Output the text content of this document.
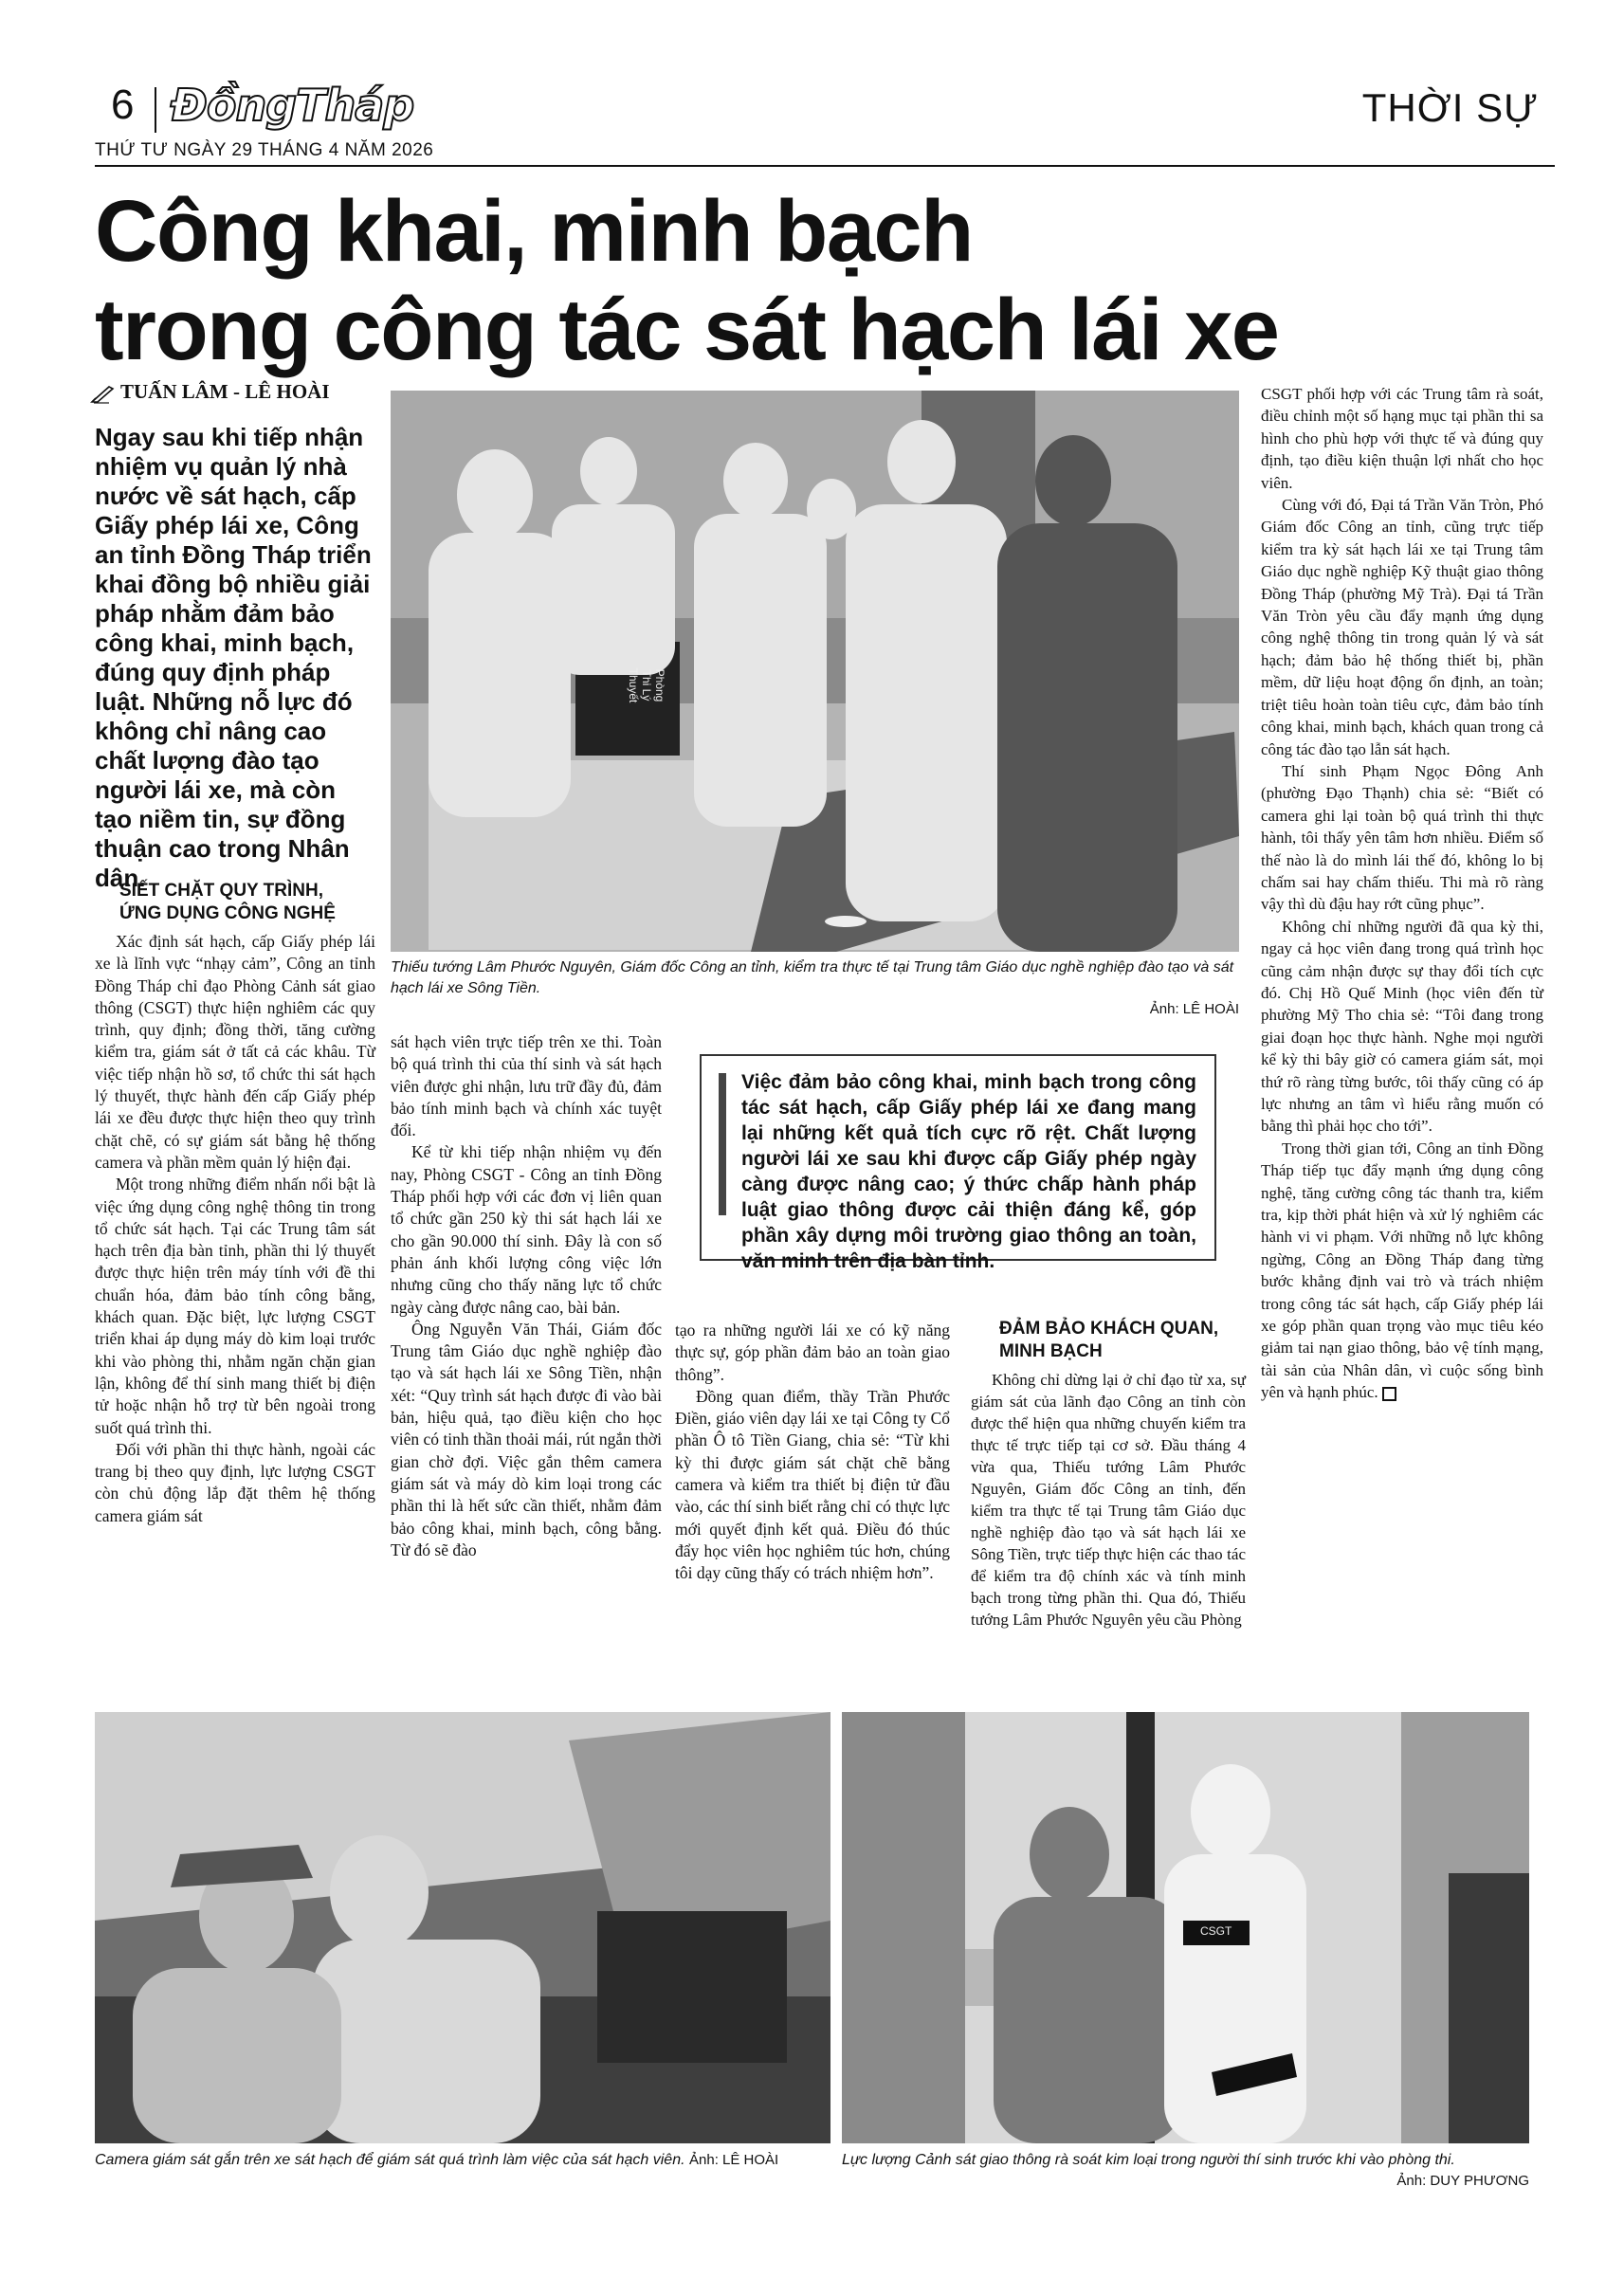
6 ĐồngTháp	THỜI SỰ
THỨ TƯ NGÀY 29 THÁNG 4 NĂM 2026
Công khai, minh bạch
trong công tác sát hạch lái xe
TUẤN LÂM - LÊ HOÀI
Ngay sau khi tiếp nhận nhiệm vụ quản lý nhà nước về sát hạch, cấp Giấy phép lái xe, Công an tỉnh Đồng Tháp triển khai đồng bộ nhiều giải pháp nhằm đảm bảo công khai, minh bạch, đúng quy định pháp luật. Những nỗ lực đó không chỉ nâng cao chất lượng đào tạo người lái xe, mà còn tạo niềm tin, sự đồng thuận cao trong Nhân dân.
Phòng Thi Lý Thuyết
Thiếu tướng Lâm Phước Nguyên, Giám đốc Công an tỉnh, kiểm tra thực tế tại Trung tâm Giáo dục nghề nghiệp đào tạo và sát hạch lái xe Sông Tiền.
Ảnh: LÊ HOÀI
SIẾT CHẶT QUY TRÌNH,
ỨNG DỤNG CÔNG NGHỆ

Xác định sát hạch, cấp Giấy phép lái xe là lĩnh vực “nhạy cảm”, Công an tỉnh Đồng Tháp chỉ đạo Phòng Cảnh sát giao thông (CSGT) thực hiện nghiêm các quy trình, quy định; đồng thời, tăng cường kiểm tra, giám sát ở tất cả các khâu. Từ việc tiếp nhận hồ sơ, tổ chức thi sát hạch lý thuyết, thực hành đến cấp Giấy phép lái xe đều được thực hiện theo quy trình chặt chẽ, có sự giám sát bằng hệ thống camera và phần mềm quản lý hiện đại.

Một trong những điểm nhấn nổi bật là việc ứng dụng công nghệ thông tin trong tổ chức sát hạch. Tại các Trung tâm sát hạch trên địa bàn tỉnh, phần thi lý thuyết được thực hiện trên máy tính với đề thi chuẩn hóa, đảm bảo tính công bằng, khách quan. Đặc biệt, lực lượng CSGT triển khai áp dụng máy dò kim loại trước khi vào phòng thi, nhằm ngăn chặn gian lận, không để thí sinh mang thiết bị điện tử hoặc nhận hỗ trợ từ bên ngoài trong suốt quá trình thi.

Đối với phần thi thực hành, ngoài các trang bị theo quy định, lực lượng CSGT còn chủ động lắp đặt thêm hệ thống camera giám sát

sát hạch viên trực tiếp trên xe thi. Toàn bộ quá trình thi của thí sinh và sát hạch viên được ghi nhận, lưu trữ đầy đủ, đảm bảo tính minh bạch và chính xác tuyệt đối.

Kể từ khi tiếp nhận nhiệm vụ đến nay, Phòng CSGT - Công an tỉnh Đồng Tháp phối hợp với các đơn vị liên quan tổ chức gần 250 kỳ thi sát hạch lái xe cho gần 90.000 thí sinh. Đây là con số phản ánh khối lượng công việc lớn nhưng cũng cho thấy năng lực tổ chức ngày càng được nâng cao, bài bản.

Ông Nguyễn Văn Thái, Giám đốc Trung tâm Giáo dục nghề nghiệp đào tạo và sát hạch lái xe Sông Tiền, nhận xét: “Quy trình sát hạch được đi vào bài bản, hiệu quả, tạo điều kiện cho học viên có tinh thần thoải mái, rút ngắn thời gian chờ đợi. Việc gắn thêm camera giám sát và máy dò kim loại trong các phần thi là hết sức cần thiết, nhằm đảm bảo công khai, minh bạch, công bằng. Từ đó sẽ đào

Việc đảm bảo công khai, minh bạch trong công tác sát hạch, cấp Giấy phép lái xe đang mang lại những kết quả tích cực rõ rệt. Chất lượng người lái xe sau khi được cấp Giấy phép ngày càng được nâng cao; ý thức chấp hành pháp luật giao thông được cải thiện đáng kể, góp phần xây dựng môi trường giao thông an toàn, văn minh trên địa bàn tỉnh.

tạo ra những người lái xe có kỹ năng thực sự, góp phần đảm bảo an toàn giao thông”.

Đồng quan điểm, thầy Trần Phước Điền, giáo viên dạy lái xe tại Công ty Cổ phần Ô tô Tiền Giang, chia sẻ: “Từ khi kỳ thi được giám sát chặt chẽ bằng camera và kiểm tra thiết bị điện tử đầu vào, các thí sinh biết rằng chỉ có thực lực mới quyết định kết quả. Điều đó thúc đẩy học viên học nghiêm túc hơn, chúng tôi dạy cũng thấy có trách nhiệm hơn”.

ĐẢM BẢO KHÁCH QUAN,
MINH BẠCH

Không chỉ dừng lại ở chỉ đạo từ xa, sự giám sát của lãnh đạo Công an tỉnh còn được thể hiện qua những chuyến kiểm tra thực tế trực tiếp tại cơ sở. Đầu tháng 4 vừa qua, Thiếu tướng Lâm Phước Nguyên, Giám đốc Công an tỉnh, đến kiểm tra thực tế tại Trung tâm Giáo dục nghề nghiệp đào tạo và sát hạch lái xe Sông Tiền, trực tiếp thực hiện các thao tác để kiểm tra độ chính xác và tính minh bạch trong từng phần thi. Qua đó, Thiếu tướng Lâm Phước Nguyên yêu cầu Phòng

CSGT phối hợp với các Trung tâm rà soát, điều chỉnh một số hạng mục tại phần thi sa hình cho phù hợp với thực tế và đúng quy định, tạo điều kiện thuận lợi nhất cho học viên.

Cùng với đó, Đại tá Trần Văn Tròn, Phó Giám đốc Công an tỉnh, cũng trực tiếp kiểm tra kỳ sát hạch lái xe tại Trung tâm Giáo dục nghề nghiệp Kỹ thuật giao thông Đồng Tháp (phường Mỹ Trà). Đại tá Trần Văn Tròn yêu cầu đẩy mạnh ứng dụng công nghệ thông tin trong quản lý và sát hạch; đảm bảo hệ thống thiết bị, phần mềm, dữ liệu hoạt động ổn định, an toàn; triệt tiêu hoàn toàn tiêu cực, đảm bảo tính công khai, minh bạch, khách quan trong cả công tác đào tạo lẫn sát hạch.

Thí sinh Phạm Ngọc Đông Anh (phường Đạo Thạnh) chia sẻ: “Biết có camera ghi lại toàn bộ quá trình thi thực hành, tôi thấy yên tâm hơn nhiều. Điểm số thế nào là do mình lái thế đó, không lo bị chấm sai hay chấm thiếu. Thi mà rõ ràng vậy thì dù đậu hay rớt cũng phục”.

Không chỉ những người đã qua kỳ thi, ngay cả học viên đang trong quá trình học cũng cảm nhận được sự thay đổi tích cực đó. Chị Hồ Quế Minh (học viên đến từ phường Mỹ Tho chia sẻ: “Tôi đang trong giai đoạn học thực hành. Nghe mọi người kể kỳ thi bây giờ có camera giám sát, mọi thứ rõ ràng từng bước, tôi thấy cũng có áp lực nhưng an tâm vì hiểu rằng muốn có bằng thì phải học cho tới”.

Trong thời gian tới, Công an tỉnh Đồng Tháp tiếp tục đẩy mạnh ứng dụng công nghệ, tăng cường công tác thanh tra, kiểm tra, kịp thời phát hiện và xử lý nghiêm các hành vi vi phạm. Với những nỗ lực không ngừng, Công an Đồng Tháp đang từng bước khẳng định vai trò và trách nhiệm trong công tác sát hạch, cấp Giấy phép lái xe góp phần quan trọng vào mục tiêu kéo giảm tai nạn giao thông, bảo vệ tính mạng, tài sản của Nhân dân, vì cuộc sống bình yên và hạnh phúc.

Camera giám sát gắn trên xe sát hạch để giám sát quá trình làm việc của sát hạch viên. Ảnh: LÊ HOÀI
CSGT
Lực lượng Cảnh sát giao thông rà soát kim loại trong người thí sinh trước khi vào phòng thi.
Ảnh: DUY PHƯƠNG
